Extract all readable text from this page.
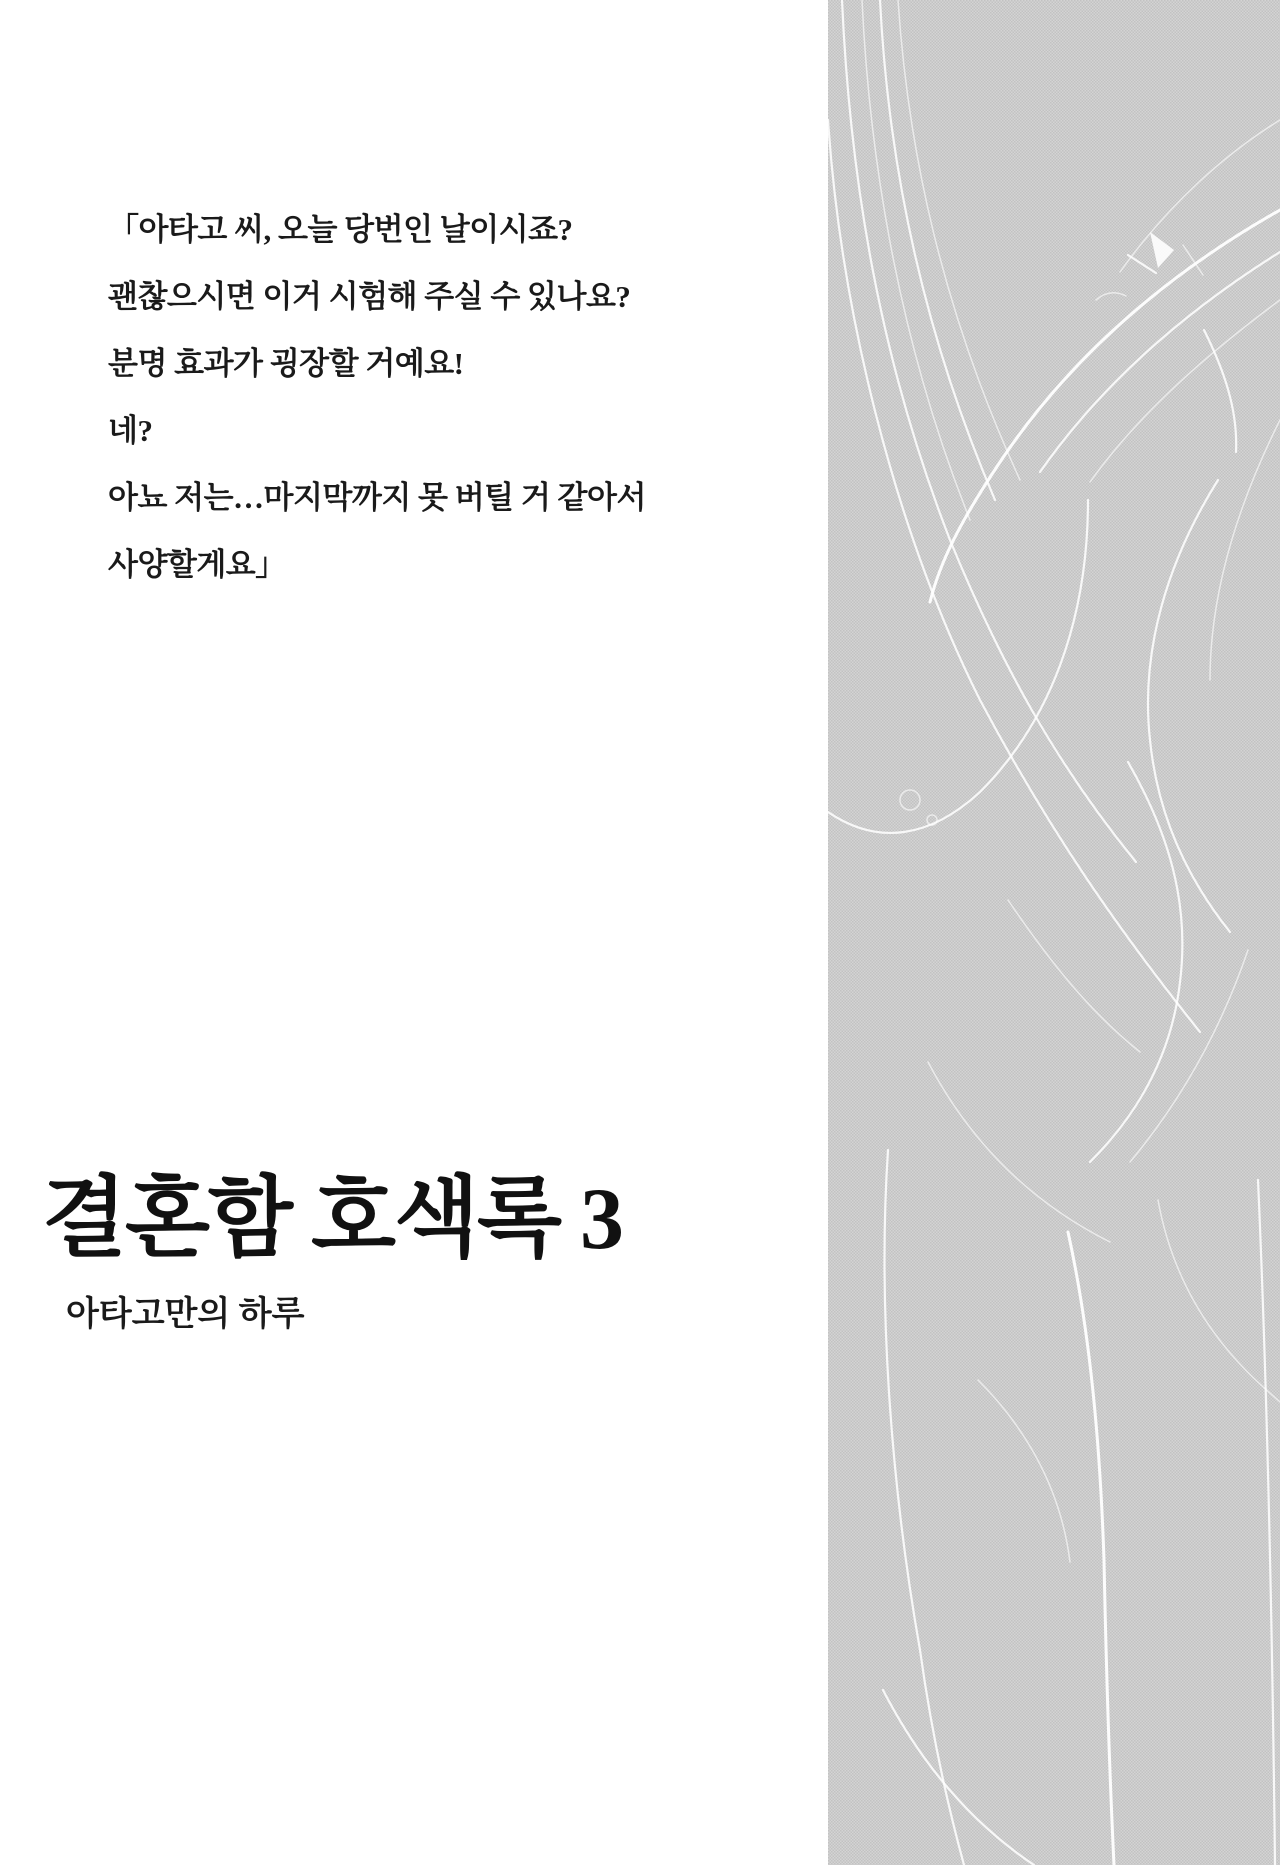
「아타고 씨, 오늘 당번인 날이시죠?

괜찮으시면 이거 시험해 주실 수 있나요?

분명 효과가 굉장할 거예요!

네?

아뇨 저는…마지막까지 못 버틸 거 같아서

사양할게요」

결혼함 호색록 3
아타고만의 하루
